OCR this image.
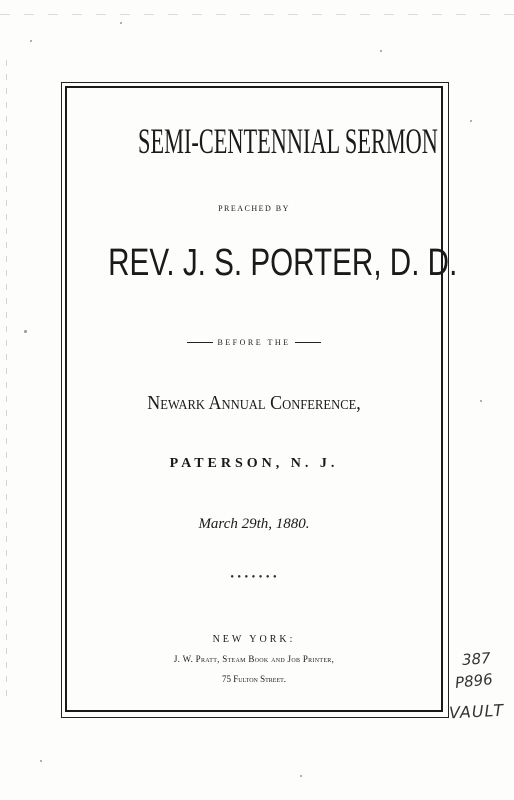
SEMI-CENTENNIAL SERMON
PREACHED BY
REV. J. S. PORTER, D. D.
BEFORE THE
Newark Annual Conference,
PATERSON, N. J.
March 29th, 1880.
● ● ● ● ● ● ●
NEW YORK:
J. W. Pratt, Steam Book and Job Printer,
75 Fulton Street.
387
P896
VAULT
